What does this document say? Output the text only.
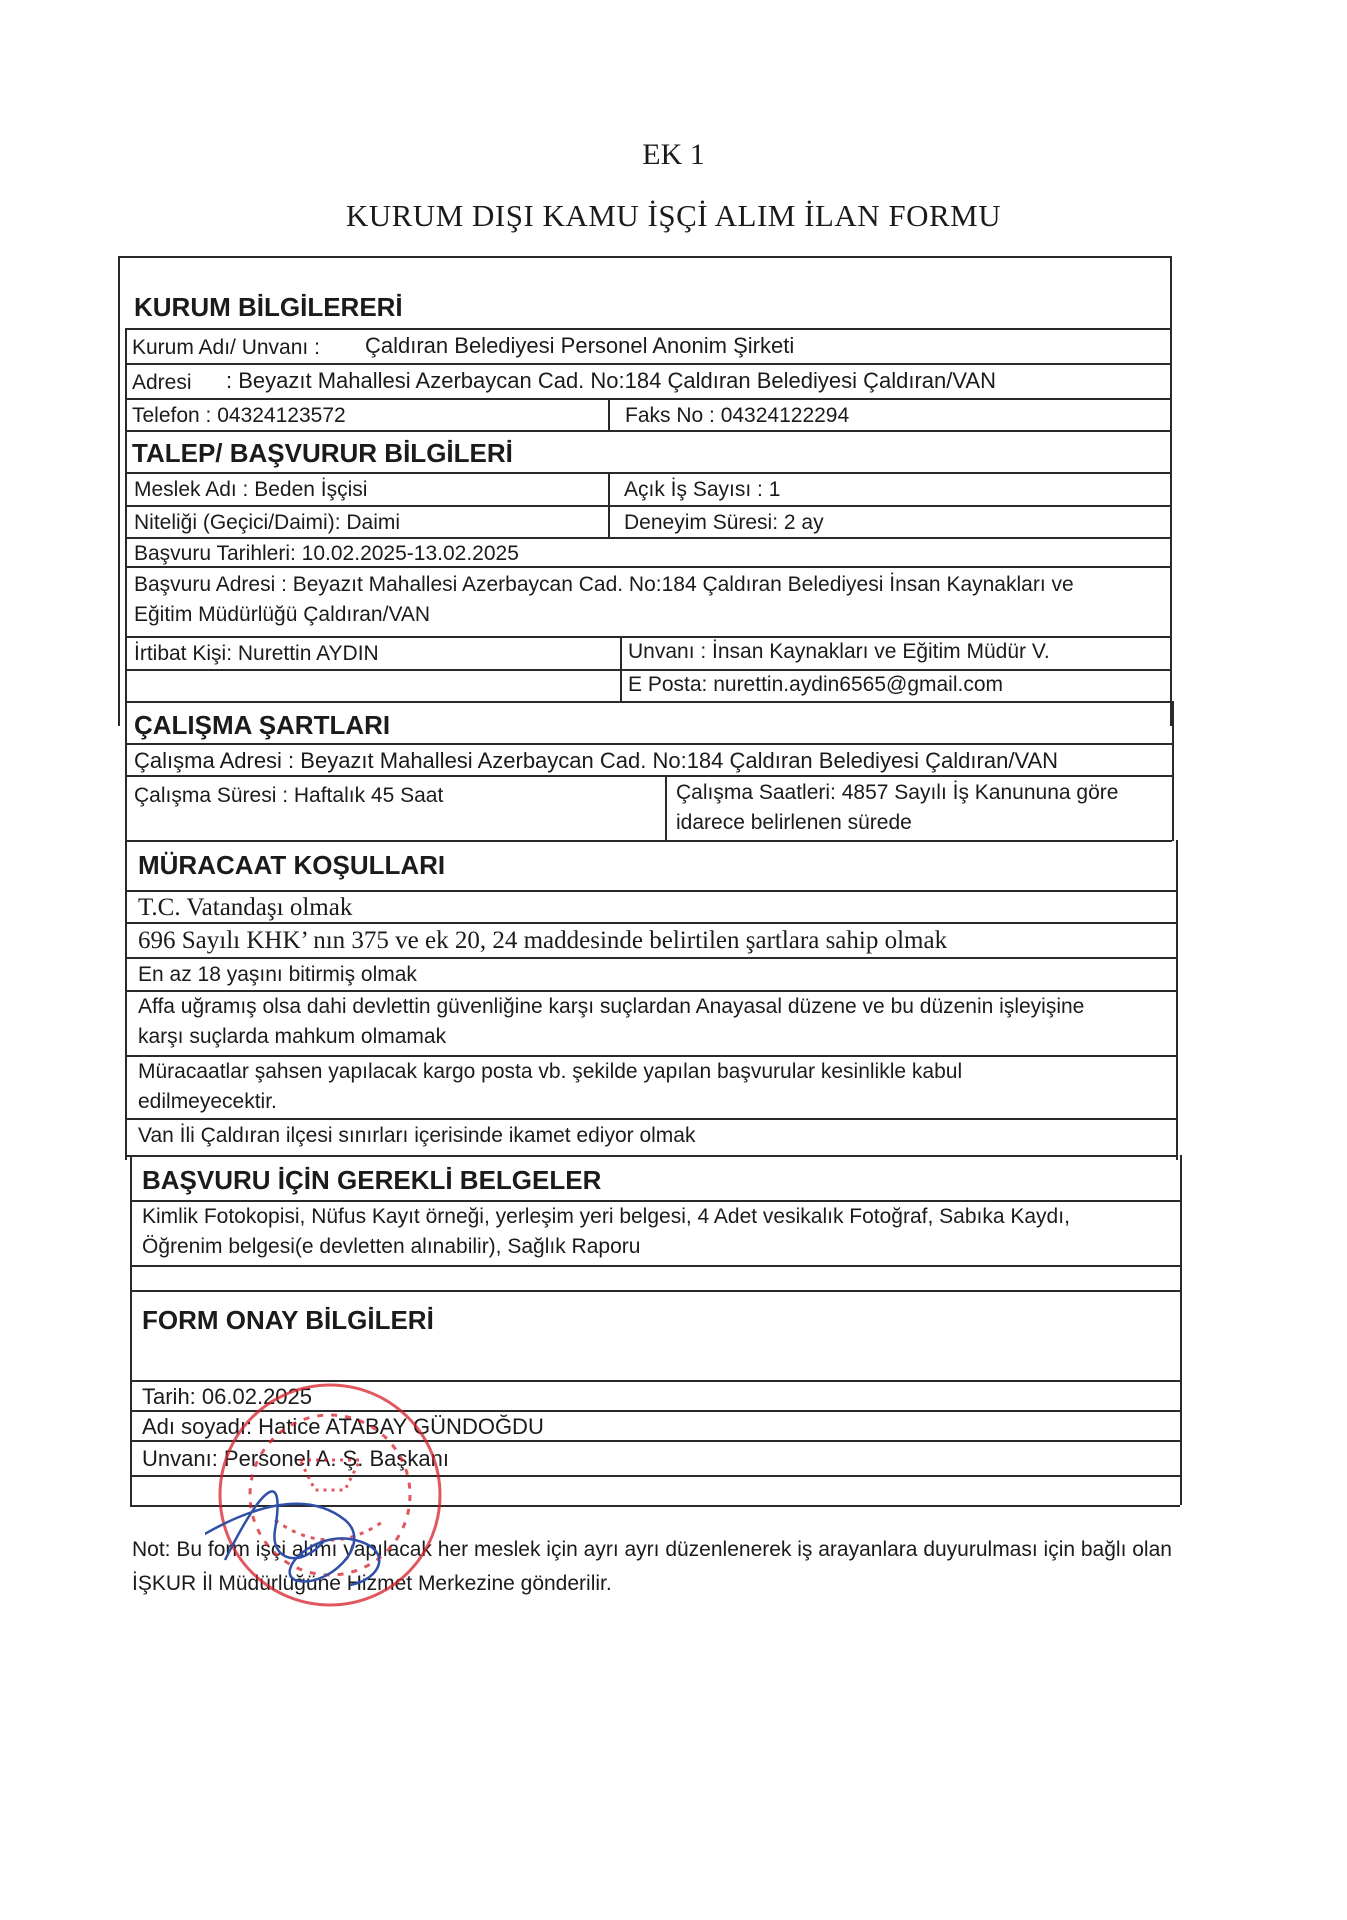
EK 1
KURUM DIŞI KAMU İŞÇİ ALIM İLAN FORMU
KURUM BİLGİLERERİ
Kurum Adı/ Unvanı : Çaldıran Belediyesi Personel Anonim Şirketi
Adresi : Beyazıt Mahallesi Azerbaycan Cad. No:184 Çaldıran Belediyesi Çaldıran/VAN
Telefon : 04324123572	Faks No : 04324122294
TALEP/ BAŞVURUR BİLGİLERİ
Meslek Adı : Beden İşçisi	Açık İş Sayısı : 1
Niteliği (Geçici/Daimi): Daimi	Deneyim Süresi: 2 ay
Başvuru Tarihleri: 10.02.2025-13.02.2025
Başvuru Adresi : Beyazıt Mahallesi Azerbaycan Cad. No:184 Çaldıran Belediyesi İnsan Kaynakları ve Eğitim Müdürlüğü Çaldıran/VAN
İrtibat Kişi: Nurettin AYDIN	Unvanı : İnsan Kaynakları ve Eğitim Müdür V.
E Posta: nurettin.aydin6565@gmail.com
ÇALIŞMA ŞARTLARI
Çalışma Adresi : Beyazıt Mahallesi Azerbaycan Cad. No:184 Çaldıran Belediyesi Çaldıran/VAN
Çalışma Süresi : Haftalık 45 Saat	Çalışma Saatleri: 4857 Sayılı İş Kanununa göre idarece belirlenen sürede
MÜRACAAT KOŞULLARI
T.C. Vatandaşı olmak
696 Sayılı KHK’ nın 375 ve ek 20, 24 maddesinde belirtilen şartlara sahip olmak
En az 18 yaşını bitirmiş olmak
Affa uğramış olsa dahi devlettin güvenliğine karşı suçlardan Anayasal düzene ve bu düzenin işleyişine karşı suçlarda mahkum olmamak
Müracaatlar şahsen yapılacak kargo posta vb. şekilde yapılan başvurular kesinlikle kabul edilmeyecektir.
Van İli Çaldıran ilçesi sınırları içerisinde ikamet ediyor olmak
BAŞVURU İÇİN GEREKLİ BELGELER
Kimlik Fotokopisi, Nüfus Kayıt örneği, yerleşim yeri belgesi, 4 Adet vesikalık Fotoğraf, Sabıka Kaydı, Öğrenim belgesi(e devletten alınabilir), Sağlık Raporu
FORM ONAY BİLGİLERİ
Tarih: 06.02.2025
Adı soyadı: Hatice ATABAY GÜNDOĞDU
Unvanı: Personel A. Ş. Başkanı
Not: Bu form işçi alımı yapılacak her meslek için ayrı ayrı düzenlenerek iş arayanlara duyurulması için bağlı olan İŞKUR İl Müdürlüğüne Hizmet Merkezine gönderilir.
